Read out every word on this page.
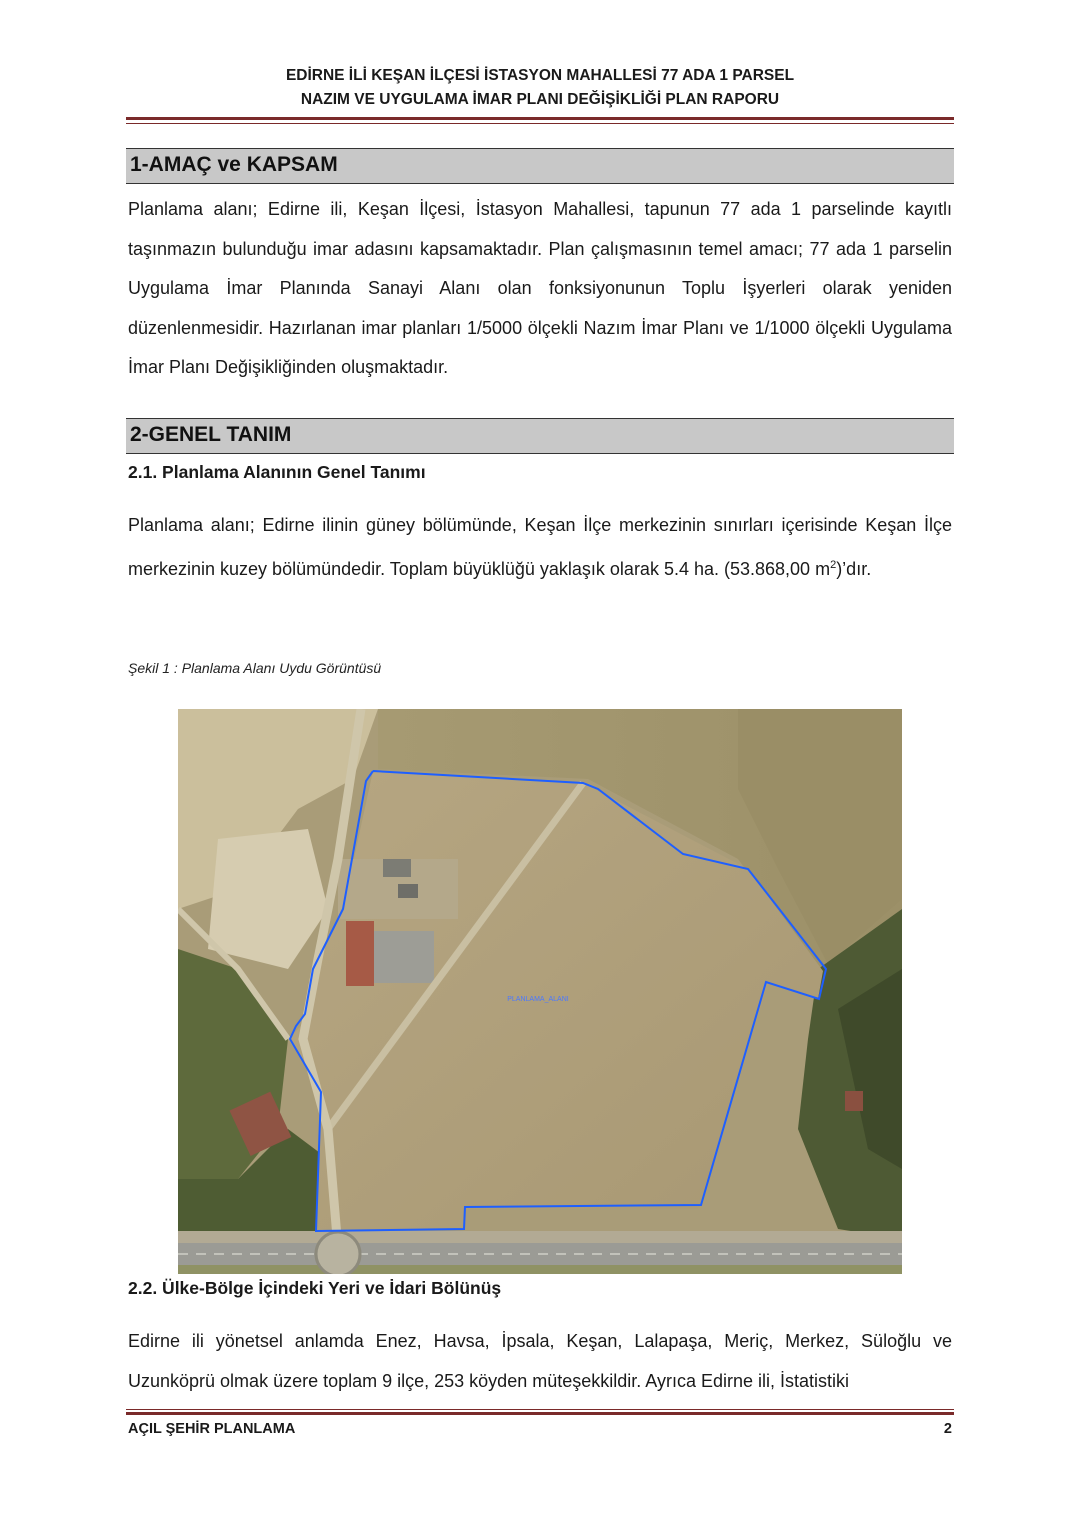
EDİRNE İLİ KEŞAN İLÇESİ İSTASYON MAHALLESİ 77 ADA 1 PARSEL
NAZIM VE UYGULAMA İMAR PLANI DEĞİŞİKLİĞİ PLAN RAPORU
1-AMAÇ ve KAPSAM

Planlama alanı; Edirne ili, Keşan İlçesi, İstasyon Mahallesi, tapunun 77 ada 1 parselinde kayıtlı taşınmazın bulunduğu imar adasını kapsamaktadır. Plan çalışmasının temel amacı; 77 ada 1 parselin Uygulama İmar Planında Sanayi Alanı olan fonksiyonunun Toplu İşyerleri olarak yeniden düzenlenmesidir. Hazırlanan imar planları 1/5000 ölçekli Nazım İmar Planı ve 1/1000 ölçekli Uygulama İmar Planı Değişikliğinden oluşmaktadır.

2-GENEL TANIM

2.1. Planlama Alanının Genel Tanımı

Planlama alanı; Edirne ilinin güney bölümünde, Keşan İlçe merkezinin sınırları içerisinde Keşan İlçe merkezinin kuzey bölümündedir. Toplam büyüklüğü yaklaşık olarak 5.4 ha. (53.868,00 $m^2)’dır$.

Şekil 1 : Planlama Alanı Uydu Görüntüsü
PLANLAMA_ALANI

2.2. Ülke-Bölge İçindeki Yeri ve İdari Bölünüş

Edirne ili yönetsel anlamda Enez, Havsa, İpsala, Keşan, Lalapaşa, Meriç, Merkez, Süloğlu ve Uzunköprü olmak üzere toplam 9 ilçe, 253 köyden müteşekkildir. Ayrıca Edirne ili, İstatistiki

AÇIL ŞEHİR PLANLAMA	2
